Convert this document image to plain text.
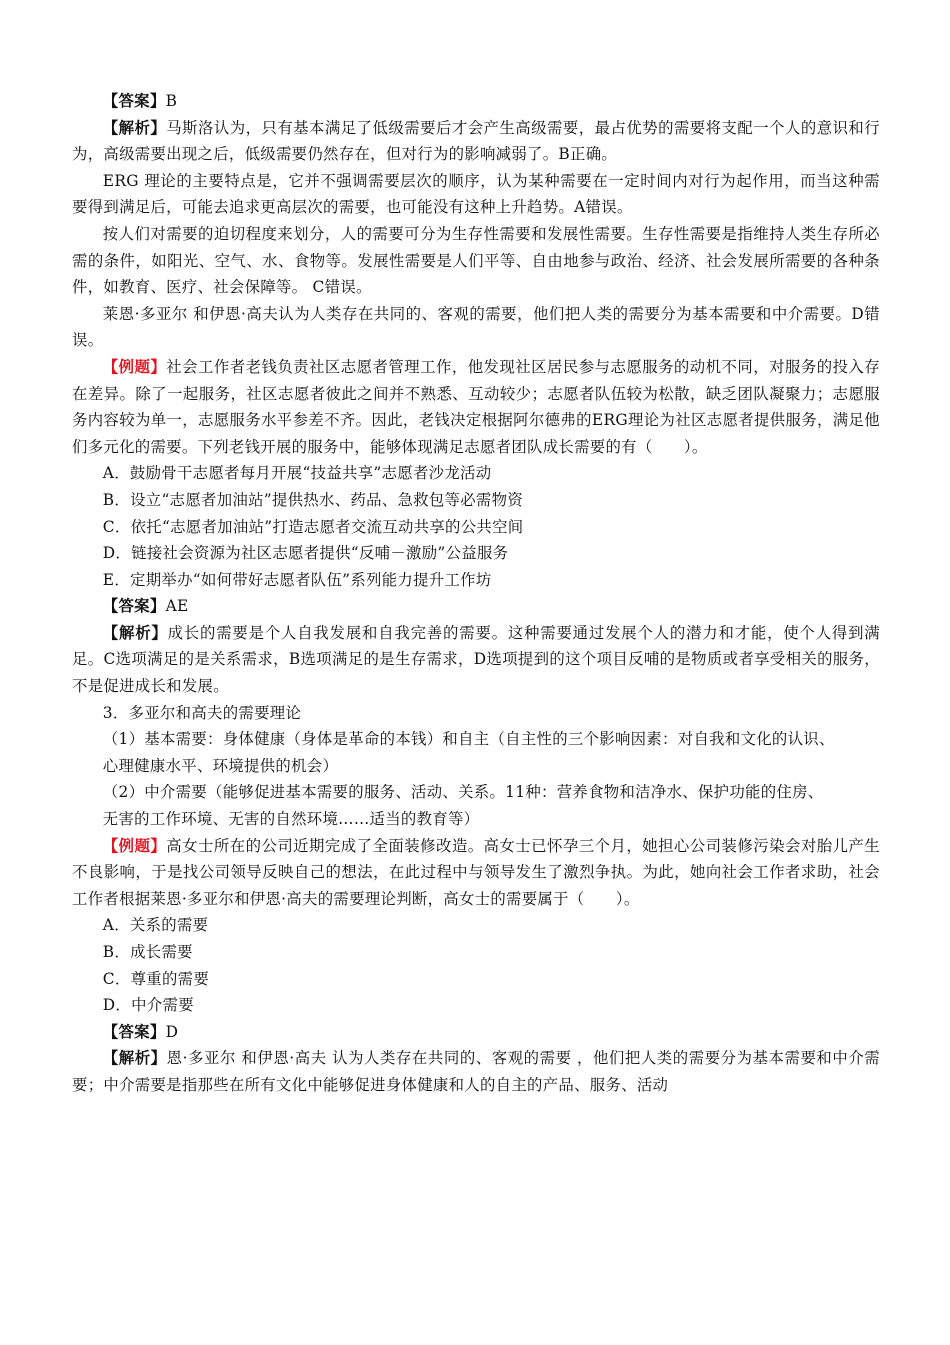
【答案】B

【解析】马斯洛认为，只有基本满足了低级需要后才会产生高级需要，最占优势的需要将支配一个人的意识和行为，高级需要出现之后，低级需要仍然存在，但对行为的影响减弱了。B正确。

ERG 理论的主要特点是，它并不强调需要层次的顺序，认为某种需要在一定时间内对行为起作用，而当这种需要得到满足后，可能去追求更高层次的需要，也可能没有这种上升趋势。A错误。

按人们对需要的迫切程度来划分，人的需要可分为生存性需要和发展性需要。生存性需要是指维持人类生存所必需的条件，如阳光、空气、水、食物等。发展性需要是人们平等、自由地参与政治、经济、社会发展所需要的各种条件，如教育、医疗、社会保障等。 C错误。

莱恩·多亚尔 和伊恩·高夫认为人类存在共同的、客观的需要，他们把人类的需要分为基本需要和中介需要。D错误。

【例题】社会工作者老钱负责社区志愿者管理工作，他发现社区居民参与志愿服务的动机不同，对服务的投入存在差异。除了一起服务，社区志愿者彼此之间并不熟悉、互动较少；志愿者队伍较为松散，缺乏团队凝聚力；志愿服务内容较为单一，志愿服务水平参差不齐。因此，老钱决定根据阿尔德弗的ERG理论为社区志愿者提供服务，满足他们多元化的需要。下列老钱开展的服务中，能够体现满足志愿者团队成长需要的有（　　）。

A．鼓励骨干志愿者每月开展“技益共享”志愿者沙龙活动

B．设立“志愿者加油站”提供热水、药品、急救包等必需物资

C．依托“志愿者加油站”打造志愿者交流互动共享的公共空间

D．链接社会资源为社区志愿者提供“反哺－激励”公益服务

E．定期举办“如何带好志愿者队伍”系列能力提升工作坊

【答案】AE

【解析】成长的需要是个人自我发展和自我完善的需要。这种需要通过发展个人的潜力和才能，使个人得到满足。C选项满足的是关系需求，B选项满足的是生存需求，D选项提到的这个项目反哺的是物质或者享受相关的服务，不是促进成长和发展。

3．多亚尔和高夫的需要理论

（1）基本需要：身体健康（身体是革命的本钱）和自主（自主性的三个影响因素：对自我和文化的认识、

心理健康水平、环境提供的机会）

（2）中介需要（能够促进基本需要的服务、活动、关系。11种：营养食物和洁净水、保护功能的住房、

无害的工作环境、无害的自然环境……适当的教育等）

【例题】高女士所在的公司近期完成了全面装修改造。高女士已怀孕三个月，她担心公司装修污染会对胎儿产生不良影响，于是找公司领导反映自己的想法，在此过程中与领导发生了激烈争执。为此，她向社会工作者求助，社会工作者根据莱恩·多亚尔和伊恩·高夫的需要理论判断，高女士的需要属于（　　）。

A．关系的需要

B．成长需要

C．尊重的需要

D．中介需要

【答案】D

【解析】恩·多亚尔 和伊恩·高夫 认为人类存在共同的、客观的需要 ，他们把人类的需要分为基本需要和中介需要；中介需要是指那些在所有文化中能够促进身体健康和人的自主的产品、服务、活动
